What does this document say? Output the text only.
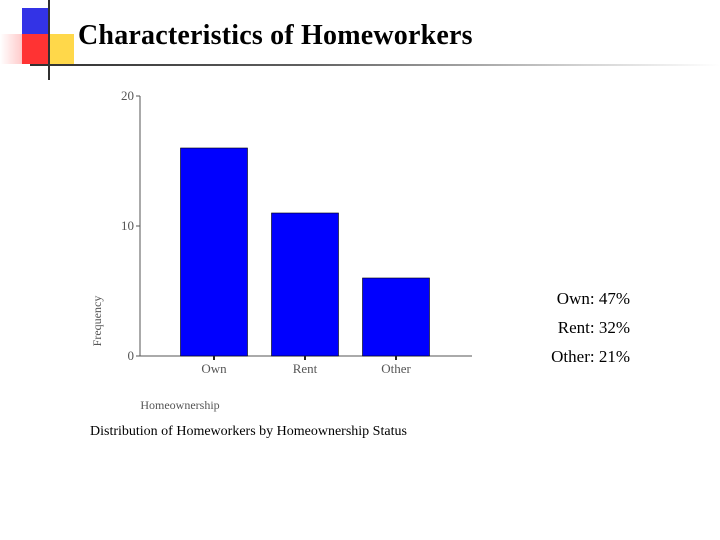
Characteristics of Homeworkers
0
10
20
Own	Rent	Other
Homeownership
Frequency
Distribution of Homeworkers by Homeownership Status
Own: 47%
Rent: 32%
Other: 21%
